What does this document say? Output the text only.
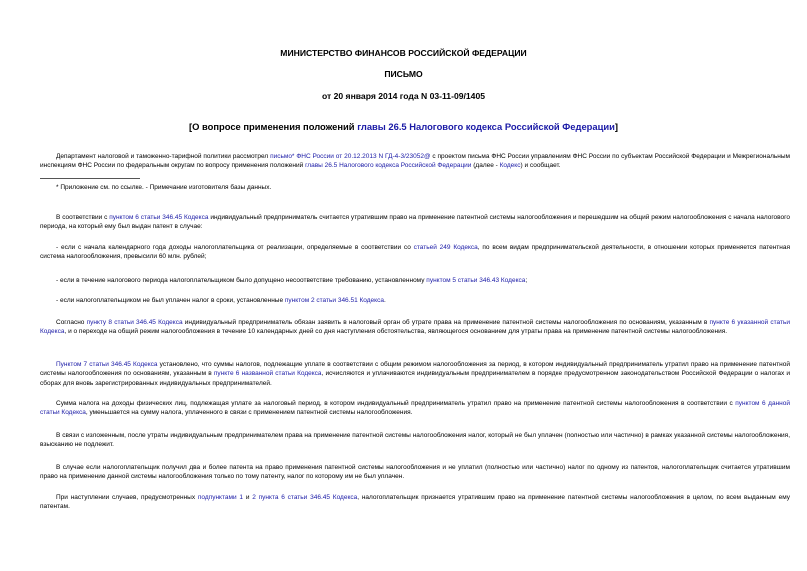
МИНИСТЕРСТВО ФИНАНСОВ РОССИЙСКОЙ ФЕДЕРАЦИИ
ПИСЬМО
от 20 января 2014 года N 03-11-09/1405
[О вопросе применения положений главы 26.5 Налогового кодекса Российской Федерации]

Департамент налоговой и таможенно-тарифной политики рассмотрел письмо* ФНС России от 20.12.2013 N ГД-4-3/23052@ с проектом письма ФНС России управлениям ФНС России по субъектам Российской Федерации и Межрегиональным инспекциям ФНС России по федеральным округам по вопросу применения положений главы 26.5 Налогового кодекса Российской Федерации (далее - Кодекс) и сообщает.

* Приложение см. по ссылке. - Примечание изготовителя базы данных.

В соответствии с пунктом 6 статьи 346.45 Кодекса индивидуальный предприниматель считается утратившим право на применение патентной системы налогообложения и перешедшим на общий режим налогообложения с начала налогового периода, на который ему был выдан патент в случае:

- если с начала календарного года доходы налогоплательщика от реализации, определяемые в соответствии со статьей 249 Кодекса, по всем видам предпринимательской деятельности, в отношении которых применяется патентная система налогообложения, превысили 60 млн. рублей;

- если в течение налогового периода налогоплательщиком было допущено несоответствие требованию, установленному пунктом 5 статьи 346.43 Кодекса;

- если налогоплательщиком не был уплачен налог в сроки, установленные пунктом 2 статьи 346.51 Кодекса.

Согласно пункту 8 статьи 346.45 Кодекса индивидуальный предприниматель обязан заявить в налоговый орган об утрате права на применение патентной системы налогообложения по основаниям, указанным в пункте 6 указанной статьи Кодекса, и о переходе на общий режим налогообложения в течение 10 календарных дней со дня наступления обстоятельства, являющегося основанием для утраты права на применение патентной системы налогообложения.

Пунктом 7 статьи 346.45 Кодекса установлено, что суммы налогов, подлежащие уплате в соответствии с общим режимом налогообложения за период, в котором индивидуальный предприниматель утратил право на применение патентной системы налогообложения по основаниям, указанным в пункте 6 названной статьи Кодекса, исчисляются и уплачиваются индивидуальным предпринимателем в порядке предусмотренном законодательством Российской Федерации о налогах и сборах для вновь зарегистрированных индивидуальных предпринимателей.

Сумма налога на доходы физических лиц, подлежащая уплате за налоговый период, в котором индивидуальный предприниматель утратил право на применение патентной системы налогообложения в соответствии с пунктом 6 данной статьи Кодекса, уменьшается на сумму налога, уплаченного в связи с применением патентной системы налогообложения.

В связи с изложенным, после утраты индивидуальным предпринимателем права на применение патентной системы налогообложения налог, который не был уплачен (полностью или частично) в рамках указанной системы налогообложения, взысканию не подлежит.

В случае если налогоплательщик получил два и более патента на право применения патентной системы налогообложения и не уплатил (полностью или частично) налог по одному из патентов, налогоплательщик считается утратившим право на применение данной системы налогообложения только по тому патенту, налог по которому им не был уплачен.

При наступлении случаев, предусмотренных подпунктами 1 и 2 пункта 6 статьи 346.45 Кодекса, налогоплательщик признается утратившим право на применение патентной системы налогообложения в целом, по всем выданным ему патентам.
